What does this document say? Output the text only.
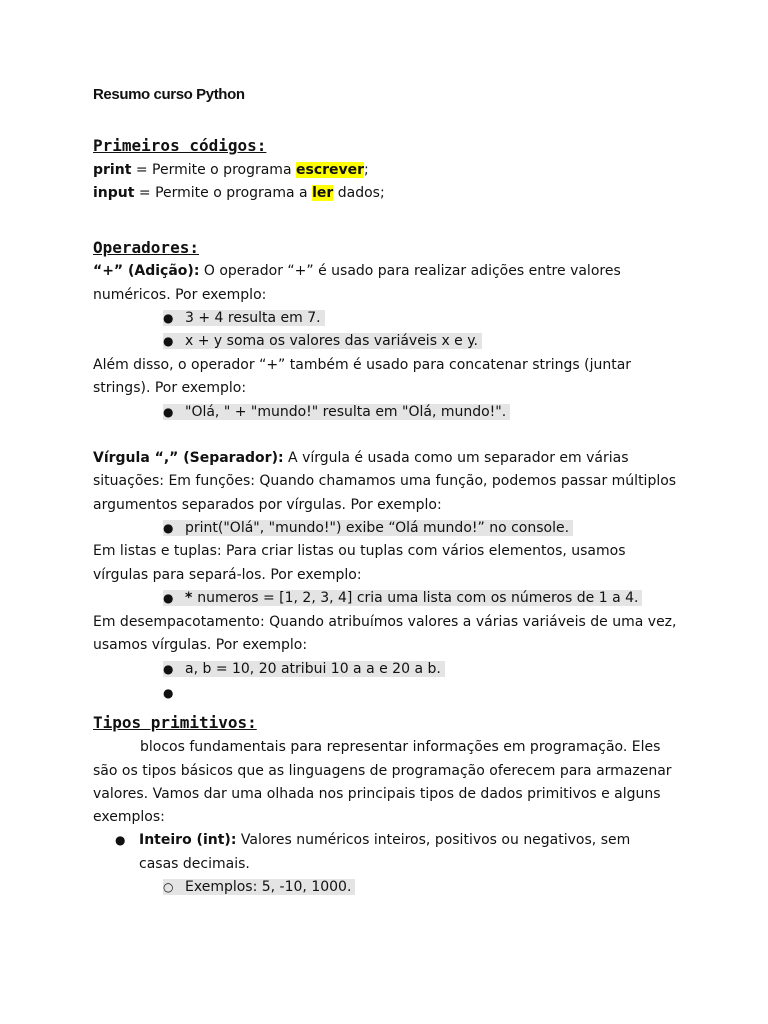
Resumo curso Python
Primeiros códigos:
print = Permite o programa escrever;
input = Permite o programa a ler dados;
Operadores:
“+” (Adição): O operador “+” é usado para realizar adições entre valores
numéricos. Por exemplo:
● 3 + 4 resulta em 7.
● x + y soma os valores das variáveis x e y.
Além disso, o operador “+” também é usado para concatenar strings (juntar
strings). Por exemplo:
● "Olá, " + "mundo!" resulta em "Olá, mundo!".
Vírgula “,” (Separador): A vírgula é usada como um separador em várias
situações: Em funções: Quando chamamos uma função, podemos passar múltiplos
argumentos separados por vírgulas. Por exemplo:
● print("Olá", "mundo!") exibe “Olá mundo!” no console.
Em listas e tuplas: Para criar listas ou tuplas com vários elementos, usamos
vírgulas para separá-los. Por exemplo:
● * numeros = [1, 2, 3, 4] cria uma lista com os números de 1 a 4.
Em desempacotamento: Quando atribuímos valores a várias variáveis de uma vez,
usamos vírgulas. Por exemplo:
● a, b = 10, 20 atribui 10 a a e 20 a b.
●
Tipos primitivos:
blocos fundamentais para representar informações em programação. Eles
são os tipos básicos que as linguagens de programação oferecem para armazenar
valores. Vamos dar uma olhada nos principais tipos de dados primitivos e alguns
exemplos:
● Inteiro (int): Valores numéricos inteiros, positivos ou negativos, sem
casas decimais.
○ Exemplos: 5, -10, 1000.
